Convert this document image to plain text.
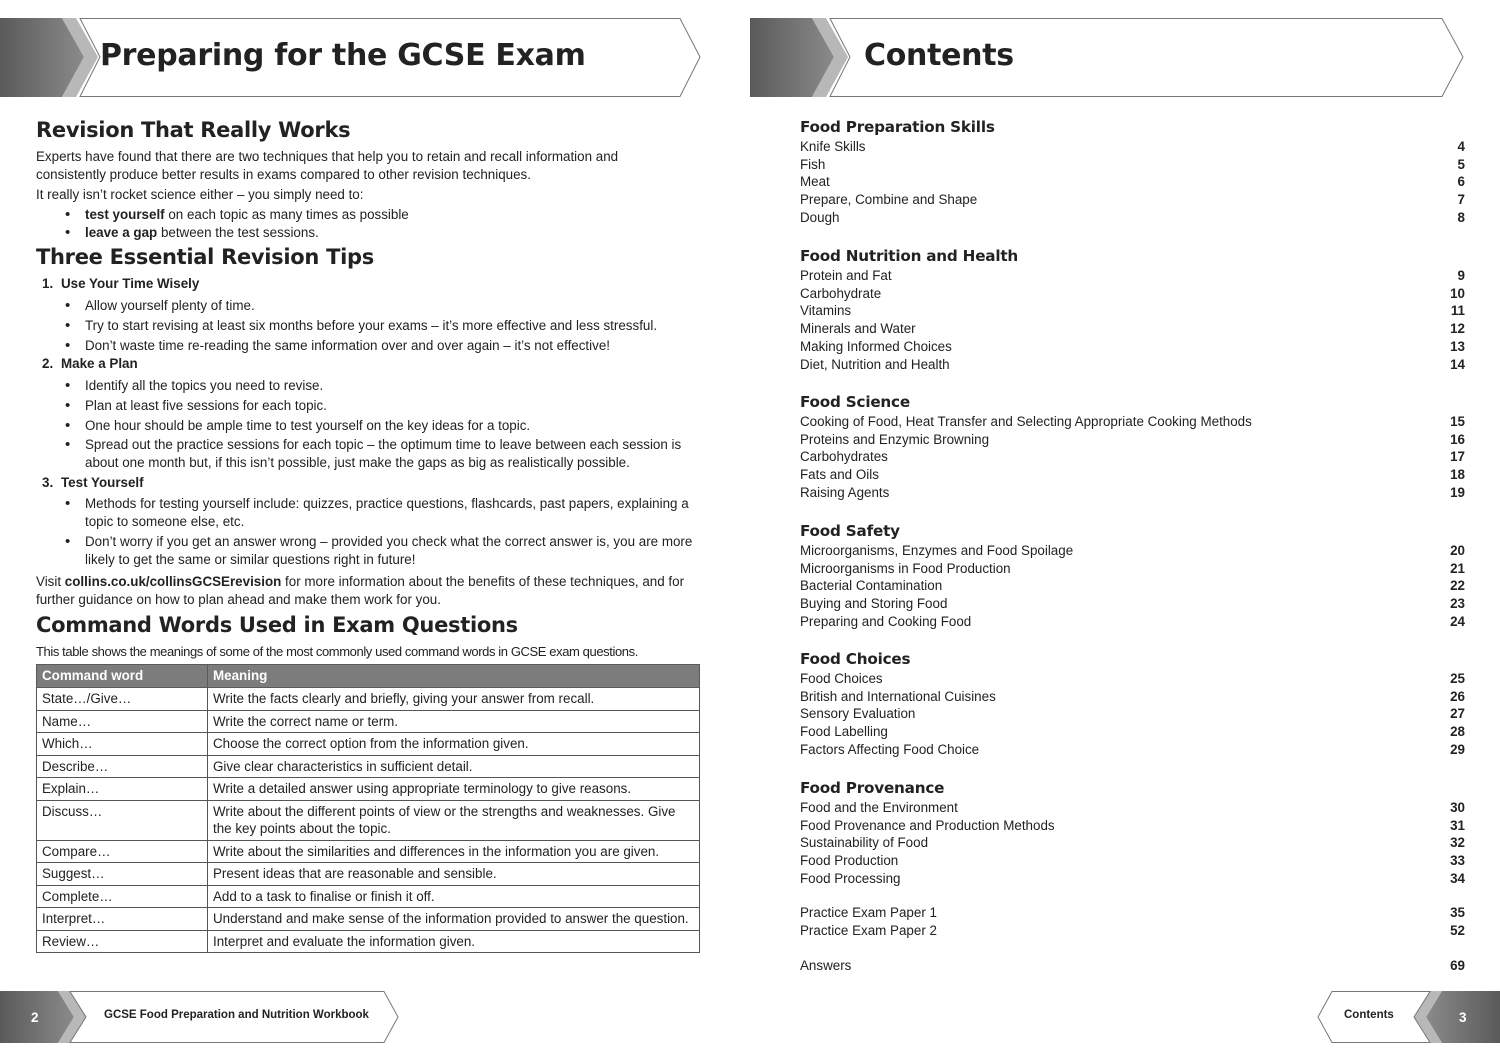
Preparing for the GCSE Exam	Contents
Revision That Really Works

Experts have found that there are two techniques that help you to retain and recall information and consistently produce better results in exams compared to other revision techniques.

It really isn’t rocket science either – you simply need to:

• test yourself on each topic as many times as possible
• leave a gap between the test sessions.
Three Essential Revision Tips
1. Use Your Time Wisely
• Allow yourself plenty of time.
• Try to start revising at least six months before your exams – it’s more effective and less stressful.
• Don’t waste time re-reading the same information over and over again – it’s not effective!
2. Make a Plan
• Identify all the topics you need to revise.
• Plan at least five sessions for each topic.
• One hour should be ample time to test yourself on the key ideas for a topic.
• Spread out the practice sessions for each topic – the optimum time to leave between each session is about one month but, if this isn’t possible, just make the gaps as big as realistically possible.
3. Test Yourself
• Methods for testing yourself include: quizzes, practice questions, flashcards, past papers, explaining a topic to someone else, etc.
• Don’t worry if you get an answer wrong – provided you check what the correct answer is, you are more likely to get the same or similar questions right in future!

Visit collins.co.uk/collinsGCSErevision for more information about the benefits of these techniques, and for further guidance on how to plan ahead and make them work for you.

Command Words Used in Exam Questions

This table shows the meanings of some of the most commonly used command words in GCSE exam questions.

Command word	Meaning
State…/Give…	Write the facts clearly and briefly, giving your answer from recall.
Name…	Write the correct name or term.
Which…	Choose the correct option from the information given.
Describe…	Give clear characteristics in sufficient detail.
Explain…	Write a detailed answer using appropriate terminology to give reasons.
Discuss…	Write about the different points of view or the strengths and weaknesses. Give the key points about the topic.
Compare…	Write about the similarities and differences in the information you are given.
Suggest…	Present ideas that are reasonable and sensible.
Complete…	Add to a task to finalise or finish it off.
Interpret…	Understand and make sense of the information provided to answer the question.
Review…	Interpret and evaluate the information given.
Food Preparation Skills
Knife Skills	4
Fish	5
Meat	6
Prepare, Combine and Shape	7
Dough	8
Food Nutrition and Health
Protein and Fat	9
Carbohydrate	10
Vitamins	11
Minerals and Water	12
Making Informed Choices	13
Diet, Nutrition and Health	14
Food Science
Cooking of Food, Heat Transfer and Selecting Appropriate Cooking Methods	15
Proteins and Enzymic Browning	16
Carbohydrates	17
Fats and Oils	18
Raising Agents	19
Food Safety
Microorganisms, Enzymes and Food Spoilage	20
Microorganisms in Food Production	21
Bacterial Contamination	22
Buying and Storing Food	23
Preparing and Cooking Food	24
Food Choices
Food Choices	25
British and International Cuisines	26
Sensory Evaluation	27
Food Labelling	28
Factors Affecting Food Choice	29
Food Provenance
Food and the Environment	30
Food Provenance and Production Methods	31
Sustainability of Food	32
Food Production	33
Food Processing	34
Practice Exam Paper 1	35
Practice Exam Paper 2	52
Answers	69
2	GCSE Food Preparation and Nutrition Workbook	Contents	3
